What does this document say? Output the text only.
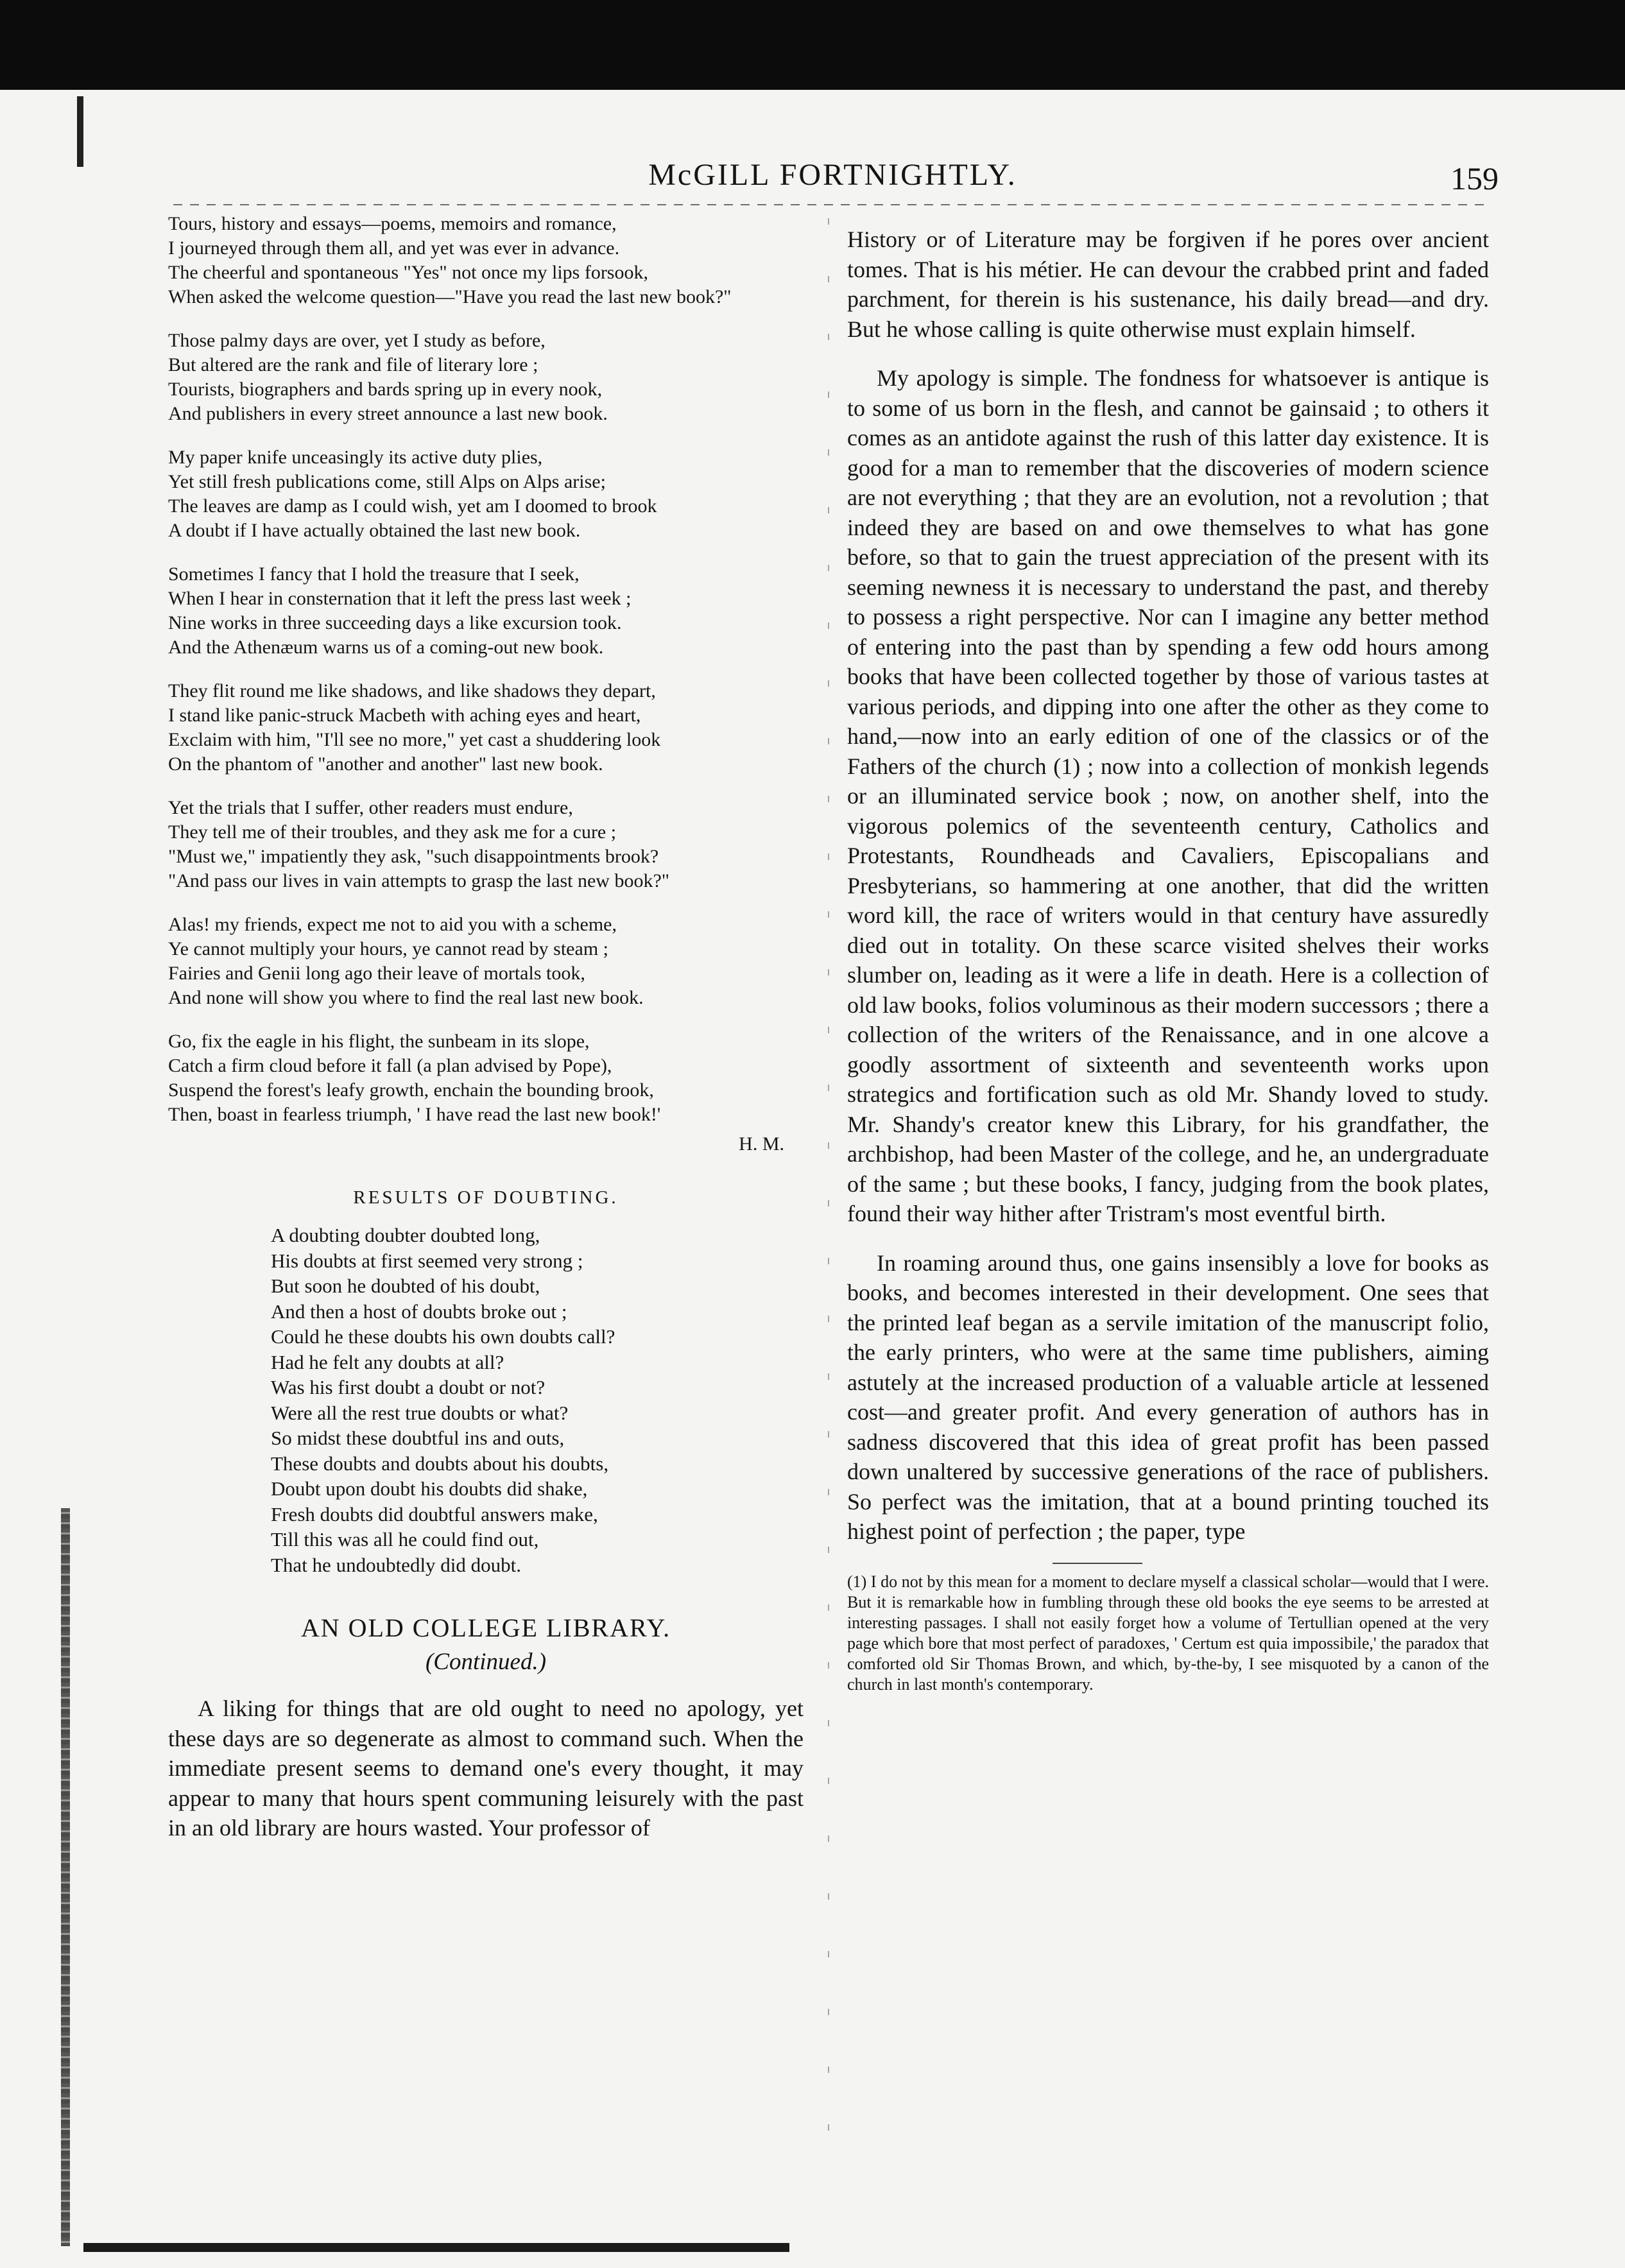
McGILL FORTNIGHTLY.	159
Tours, history and essays—poems, memoirs and romance,
I journeyed through them all, and yet was ever in advance.
The cheerful and spontaneous "Yes" not once my lips forsook,
When asked the welcome question—"Have you read the last new book?"
Those palmy days are over, yet I study as before,
But altered are the rank and file of literary lore ;
Tourists, biographers and bards spring up in every nook,
And publishers in every street announce a last new book.
My paper knife unceasingly its active duty plies,
Yet still fresh publications come, still Alps on Alps arise;
The leaves are damp as I could wish, yet am I doomed to brook
A doubt if I have actually obtained the last new book.
Sometimes I fancy that I hold the treasure that I seek,
When I hear in consternation that it left the press last week ;
Nine works in three succeeding days a like excursion took.
And the Athenæum warns us of a coming-out new book.
They flit round me like shadows, and like shadows they depart,
I stand like panic-struck Macbeth with aching eyes and heart,
Exclaim with him, "I'll see no more," yet cast a shuddering look
On the phantom of "another and another" last new book.
Yet the trials that I suffer, other readers must endure,
They tell me of their troubles, and they ask me for a cure ;
"Must we," impatiently they ask, "such disappointments brook?
"And pass our lives in vain attempts to grasp the last new book?"
Alas! my friends, expect me not to aid you with a scheme,
Ye cannot multiply your hours, ye cannot read by steam ;
Fairies and Genii long ago their leave of mortals took,
And none will show you where to find the real last new book.
Go, fix the eagle in his flight, the sunbeam in its slope,
Catch a firm cloud before it fall (a plan advised by Pope),
Suspend the forest's leafy growth, enchain the bounding brook,
Then, boast in fearless triumph, ' I have read the last new book!'
H. M.
RESULTS OF DOUBTING.
A doubting doubter doubted long,
His doubts at first seemed very strong ;
But soon he doubted of his doubt,
And then a host of doubts broke out ;
Could he these doubts his own doubts call?
Had he felt any doubts at all?
Was his first doubt a doubt or not?
Were all the rest true doubts or what?
So midst these doubtful ins and outs,
These doubts and doubts about his doubts,
Doubt upon doubt his doubts did shake,
Fresh doubts did doubtful answers make,
Till this was all he could find out,
That he undoubtedly did doubt.
AN OLD COLLEGE LIBRARY.
(Continued.)

A liking for things that are old ought to need no apology, yet these days are so degenerate as almost to command such. When the immediate present seems to demand one's every thought, it may appear to many that hours spent communing leisurely with the past in an old library are hours wasted. Your professor of

History or of Literature may be forgiven if he pores over ancient tomes. That is his métier. He can devour the crabbed print and faded parchment, for therein is his sustenance, his daily bread—and dry. But he whose calling is quite otherwise must explain himself.

My apology is simple. The fondness for whatsoever is antique is to some of us born in the flesh, and cannot be gainsaid ; to others it comes as an antidote against the rush of this latter day existence. It is good for a man to remember that the discoveries of modern science are not everything ; that they are an evolution, not a revolution ; that indeed they are based on and owe themselves to what has gone before, so that to gain the truest appreciation of the present with its seeming newness it is necessary to understand the past, and thereby to possess a right perspective. Nor can I imagine any better method of entering into the past than by spending a few odd hours among books that have been collected together by those of various tastes at various periods, and dipping into one after the other as they come to hand,—now into an early edition of one of the classics or of the Fathers of the church (1) ; now into a collection of monkish legends or an illuminated service book ; now, on another shelf, into the vigorous polemics of the seventeenth century, Catholics and Protestants, Roundheads and Cavaliers, Episcopalians and Presbyterians, so hammering at one another, that did the written word kill, the race of writers would in that century have assuredly died out in totality. On these scarce visited shelves their works slumber on, leading as it were a life in death. Here is a collection of old law books, folios voluminous as their modern successors ; there a collection of the writers of the Renaissance, and in one alcove a goodly assortment of sixteenth and seventeenth works upon strategics and fortification such as old Mr. Shandy loved to study. Mr. Shandy's creator knew this Library, for his grandfather, the archbishop, had been Master of the college, and he, an undergraduate of the same ; but these books, I fancy, judging from the book plates, found their way hither after Tristram's most eventful birth.

In roaming around thus, one gains insensibly a love for books as books, and becomes interested in their development. One sees that the printed leaf began as a servile imitation of the manuscript folio, the early printers, who were at the same time publishers, aiming astutely at the increased production of a valuable article at lessened cost—and greater profit. And every generation of authors has in sadness discovered that this idea of great profit has been passed down unaltered by successive generations of the race of publishers. So perfect was the imitation, that at a bound printing touched its highest point of perfection ; the paper, type

(1) I do not by this mean for a moment to declare myself a classical scholar—would that I were. But it is remarkable how in fumbling through these old books the eye seems to be arrested at interesting passages. I shall not easily forget how a volume of Tertullian opened at the very page which bore that most perfect of paradoxes, ' Certum est quia impossibile,' the paradox that comforted old Sir Thomas Brown, and which, by-the-by, I see misquoted by a canon of the church in last month's contemporary.
